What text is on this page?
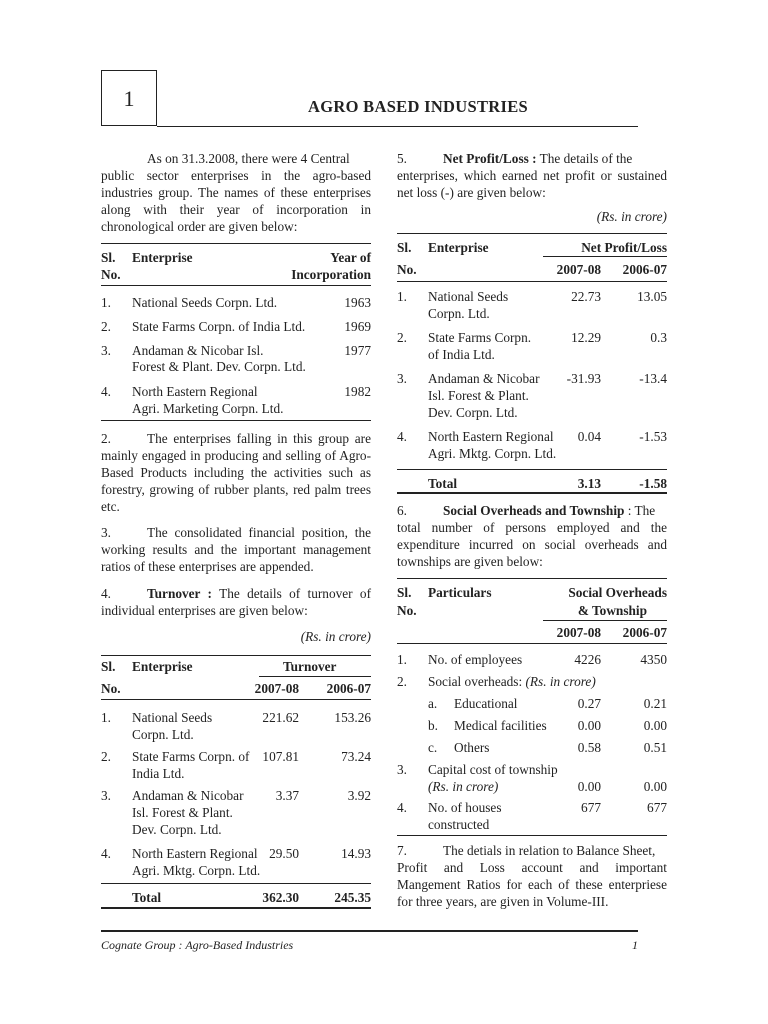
1	AGRO BASED INDUSTRIES
As on 31.3.2008, there were 4 Central
public sector enterprises in the agro-based industries group. The names of these enterprises along with their year of incorporation in chronological order are given below:
Sl.
No.
Enterprise	Year of
Incorporation
1. National Seeds Corpn. Ltd.	1963
2. State Farms Corpn. of India Ltd.	1969
3. Andaman & Nicobar Isl.
Forest & Plant. Dev. Corpn. Ltd.
1977
4. North Eastern Regional
Agri. Marketing Corpn. Ltd.
1982
2.	The enterprises falling in this group are mainly engaged in producing and selling of Agro-Based Products including the activities such as forestry, growing of rubber plants, red palm trees etc.
3.	The consolidated financial position, the working results and the important management ratios of these enterprises are appended.
4.	Turnover : The details of turnover of individual enterprises are given below:
(Rs. in crore)
Sl. Enterprise	Turnover
No.	2007-08	2006-07
1. National Seeds
Corpn. Ltd.
221.62	153.26
2. State Farms Corpn. of
India Ltd.
107.81	73.24
3. Andaman & Nicobar
Isl. Forest & Plant.
Dev. Corpn. Ltd.
3.37	3.92
4. North Eastern Regional
Agri. Mktg. Corpn. Ltd.
29.50	14.93
Total	362.30	245.35
5.	Net Profit/Loss : The details of the
enterprises, which earned net profit or sustained net loss (-) are given below:
(Rs. in crore)
Sl. Enterprise	Net Profit/Loss
No.	2007-08	2006-07
1. National Seeds
Corpn. Ltd.
22.73	13.05
2. State Farms Corpn.
of India Ltd.
12.29	0.3
3. Andaman & Nicobar
Isl. Forest & Plant.
Dev. Corpn. Ltd.
-31.93	-13.4
4. North Eastern Regional
Agri. Mktg. Corpn. Ltd.
0.04	-1.53
Total	3.13	-1.58
6.	Social Overheads and Township : The
total number of persons employed and the expenditure incurred on social overheads and townships are given below:
Sl.
No.
Particulars	Social Overheads
& Township
2007-08	2006-07
1. No. of employees	4226	4350
2. Social overheads: (Rs. in crore)
a. Educational	0.27	0.21
b. Medical facilities	0.00	0.00
c. Others	0.58	0.51
3. Capital cost of township
(Rs. in crore)	0.00	0.00
4. No. of houses
constructed
677	677
7.	The detials in relation to Balance Sheet,
Profit and Loss account and important Mangement Ratios for each of these enterpriese for three years, are given in Volume-III.
Cognate Group : Agro-Based Industries	1
